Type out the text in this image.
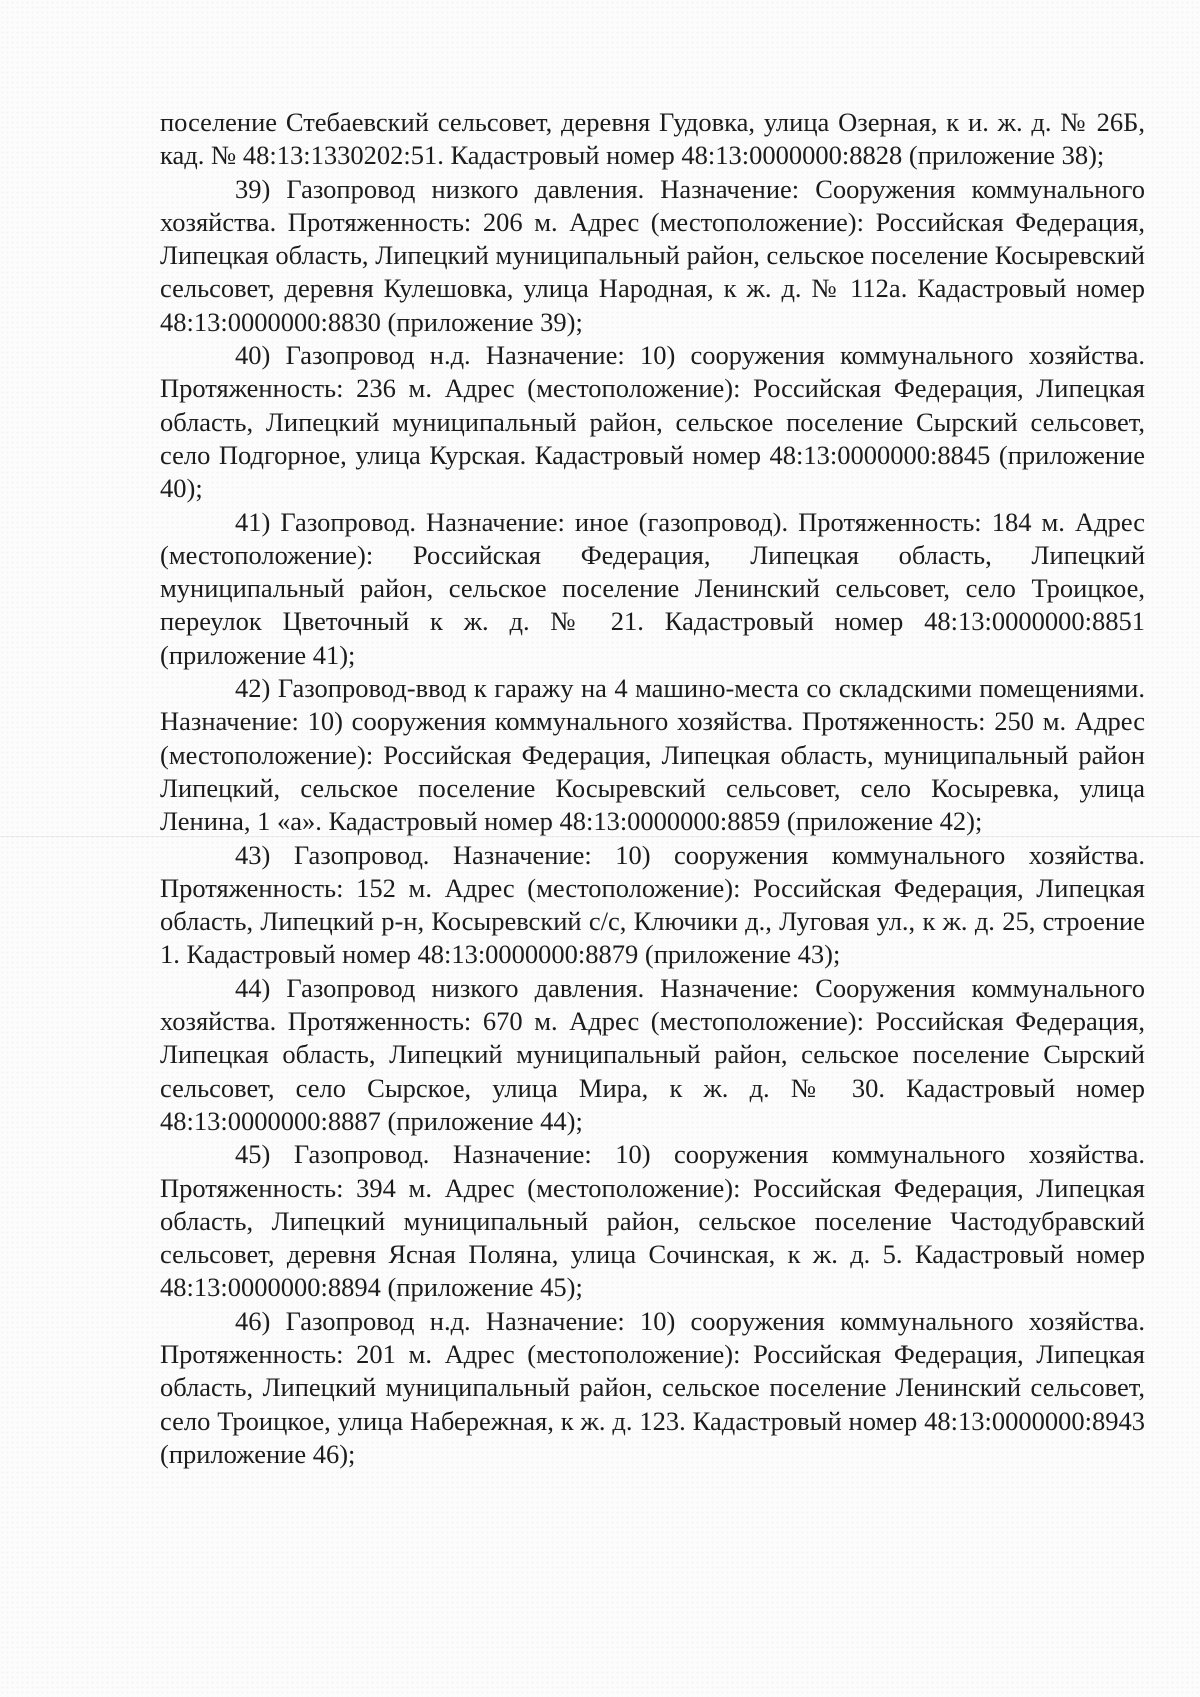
поселение Стебаевский сельсовет, деревня Гудовка, улица Озерная, к и. ж. д. № 26Б, кад. № 48:13:1330202:51. Кадастровый номер 48:13:0000000:8828 (приложение 38);

39) Газопровод низкого давления. Назначение: Сооружения коммунального хозяйства. Протяженность: 206 м. Адрес (местоположение): Российская Федерация, Липецкая область, Липецкий муниципальный район, сельское поселение Косыревский сельсовет, деревня Кулешовка, улица Народная, к ж. д. № 112а. Кадастровый номер 48:13:0000000:8830 (приложение 39);

40) Газопровод н.д. Назначение: 10) сооружения коммунального хозяйства. Протяженность: 236 м. Адрес (местоположение): Российская Федерация, Липецкая область, Липецкий муниципальный район, сельское поселение Сырский сельсовет, село Подгорное, улица Курская. Кадастровый номер 48:13:0000000:8845 (приложение 40);

41) Газопровод. Назначение: иное (газопровод). Протяженность: 184 м. Адрес (местоположение): Российская Федерация, Липецкая область, Липецкий муниципальный район, сельское поселение Ленинский сельсовет, село Троицкое, переулок Цветочный к ж. д. № 21. Кадастровый номер 48:13:0000000:8851 (приложение 41);

42) Газопровод-ввод к гаражу на 4 машино-места со складскими помещениями. Назначение: 10) сооружения коммунального хозяйства. Протяженность: 250 м. Адрес (местоположение): Российская Федерация, Липецкая область, муниципальный район Липецкий, сельское поселение Косыревский сельсовет, село Косыревка, улица Ленина, 1 «а». Кадастровый номер 48:13:0000000:8859 (приложение 42);

43) Газопровод. Назначение: 10) сооружения коммунального хозяйства. Протяженность: 152 м. Адрес (местоположение): Российская Федерация, Липецкая область, Липецкий р-н, Косыревский с/с, Ключики д., Луговая ул., к ж. д. 25, строение 1. Кадастровый номер 48:13:0000000:8879 (приложение 43);

44) Газопровод низкого давления. Назначение: Сооружения коммунального хозяйства. Протяженность: 670 м. Адрес (местоположение): Российская Федерация, Липецкая область, Липецкий муниципальный район, сельское поселение Сырский сельсовет, село Сырское, улица Мира, к ж. д. № 30. Кадастровый номер 48:13:0000000:8887 (приложение 44);

45) Газопровод. Назначение: 10) сооружения коммунального хозяйства. Протяженность: 394 м. Адрес (местоположение): Российская Федерация, Липецкая область, Липецкий муниципальный район, сельское поселение Частодубравский сельсовет, деревня Ясная Поляна, улица Сочинская, к ж. д. 5. Кадастровый номер 48:13:0000000:8894 (приложение 45);

46) Газопровод н.д. Назначение: 10) сооружения коммунального хозяйства. Протяженность: 201 м. Адрес (местоположение): Российская Федерация, Липецкая область, Липецкий муниципальный район, сельское поселение Ленинский сельсовет, село Троицкое, улица Набережная, к ж. д. 123. Кадастровый номер 48:13:0000000:8943 (приложение 46);
